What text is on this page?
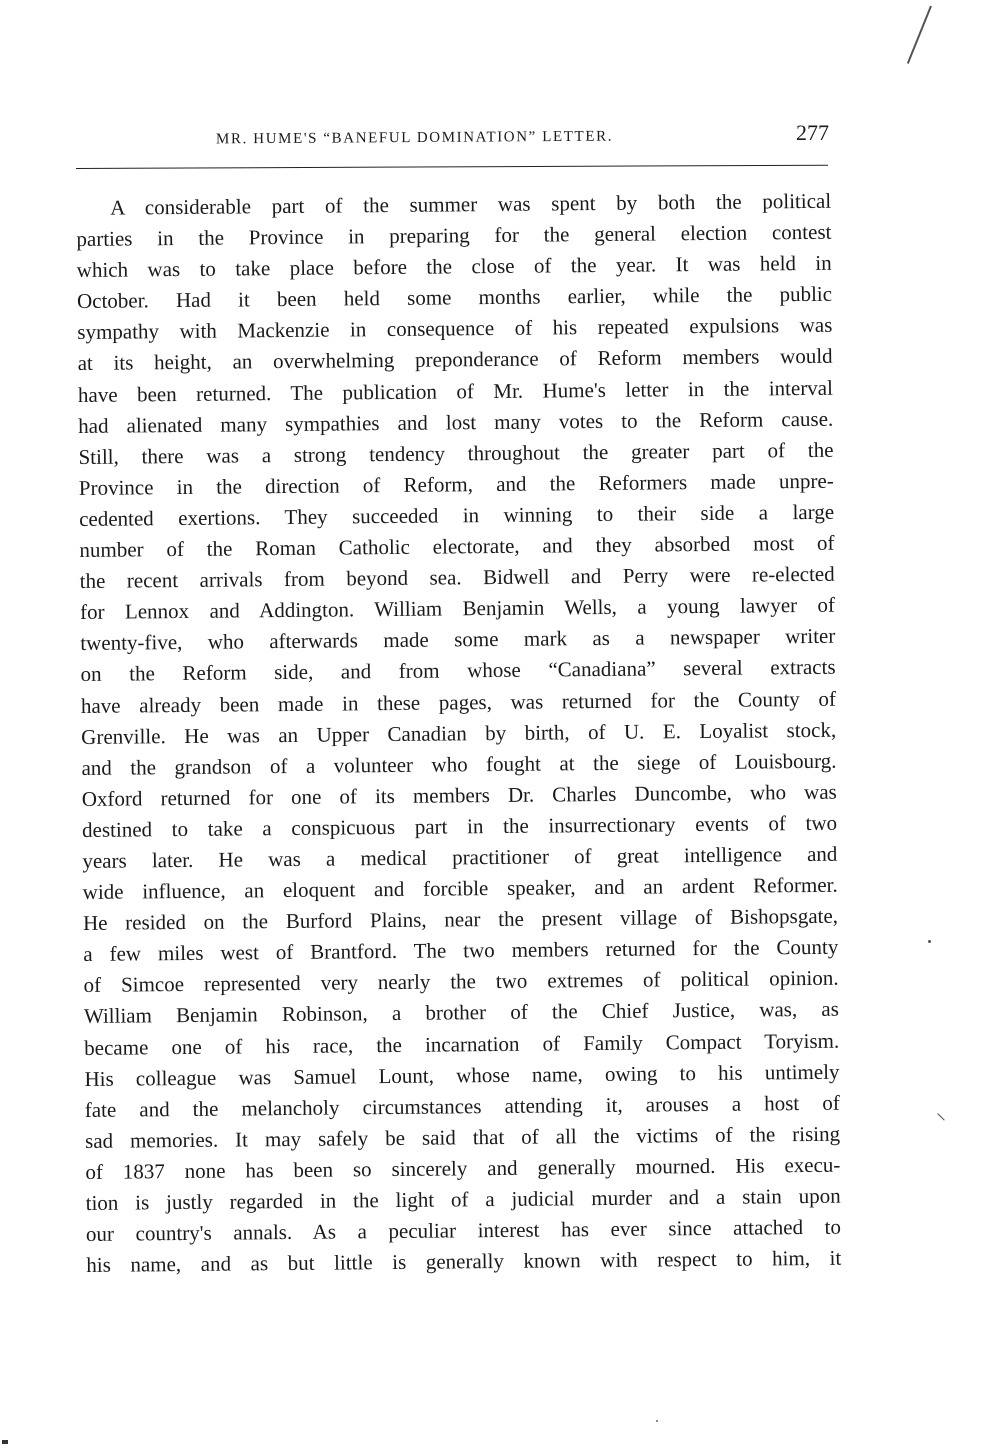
MR. HUME'S “BANEFUL DOMINATION” LETTER.	277
A considerable part of the summer was spent by both the political
parties in the Province in preparing for the general election contest
which was to take place before the close of the year. It was held in
October. Had it been held some months earlier, while the public
sympathy with Mackenzie in consequence of his repeated expulsions was
at its height, an overwhelming preponderance of Reform members would
have been returned. The publication of Mr. Hume's letter in the interval
had alienated many sympathies and lost many votes to the Reform cause.
Still, there was a strong tendency throughout the greater part of the
Province in the direction of Reform, and the Reformers made unpre-
cedented exertions. They succeeded in winning to their side a large
number of the Roman Catholic electorate, and they absorbed most of
the recent arrivals from beyond sea. Bidwell and Perry were re-elected
for Lennox and Addington. William Benjamin Wells, a young lawyer of
twenty-five, who afterwards made some mark as a newspaper writer
on the Reform side, and from whose “Canadiana” several extracts
have already been made in these pages, was returned for the County of
Grenville. He was an Upper Canadian by birth, of U. E. Loyalist stock,
and the grandson of a volunteer who fought at the siege of Louisbourg.
Oxford returned for one of its members Dr. Charles Duncombe, who was
destined to take a conspicuous part in the insurrectionary events of two
years later. He was a medical practitioner of great intelligence and
wide influence, an eloquent and forcible speaker, and an ardent Reformer.
He resided on the Burford Plains, near the present village of Bishopsgate,
a few miles west of Brantford. The two members returned for the County
of Simcoe represented very nearly the two extremes of political opinion.
William Benjamin Robinson, a brother of the Chief Justice, was, as
became one of his race, the incarnation of Family Compact Toryism.
His colleague was Samuel Lount, whose name, owing to his untimely
fate and the melancholy circumstances attending it, arouses a host of
sad memories. It may safely be said that of all the victims of the rising
of 1837 none has been so sincerely and generally mourned. His execu-
tion is justly regarded in the light of a judicial murder and a stain upon
our country's annals. As a peculiar interest has ever since attached to
his name, and as but little is generally known with respect to him, it
⸜
